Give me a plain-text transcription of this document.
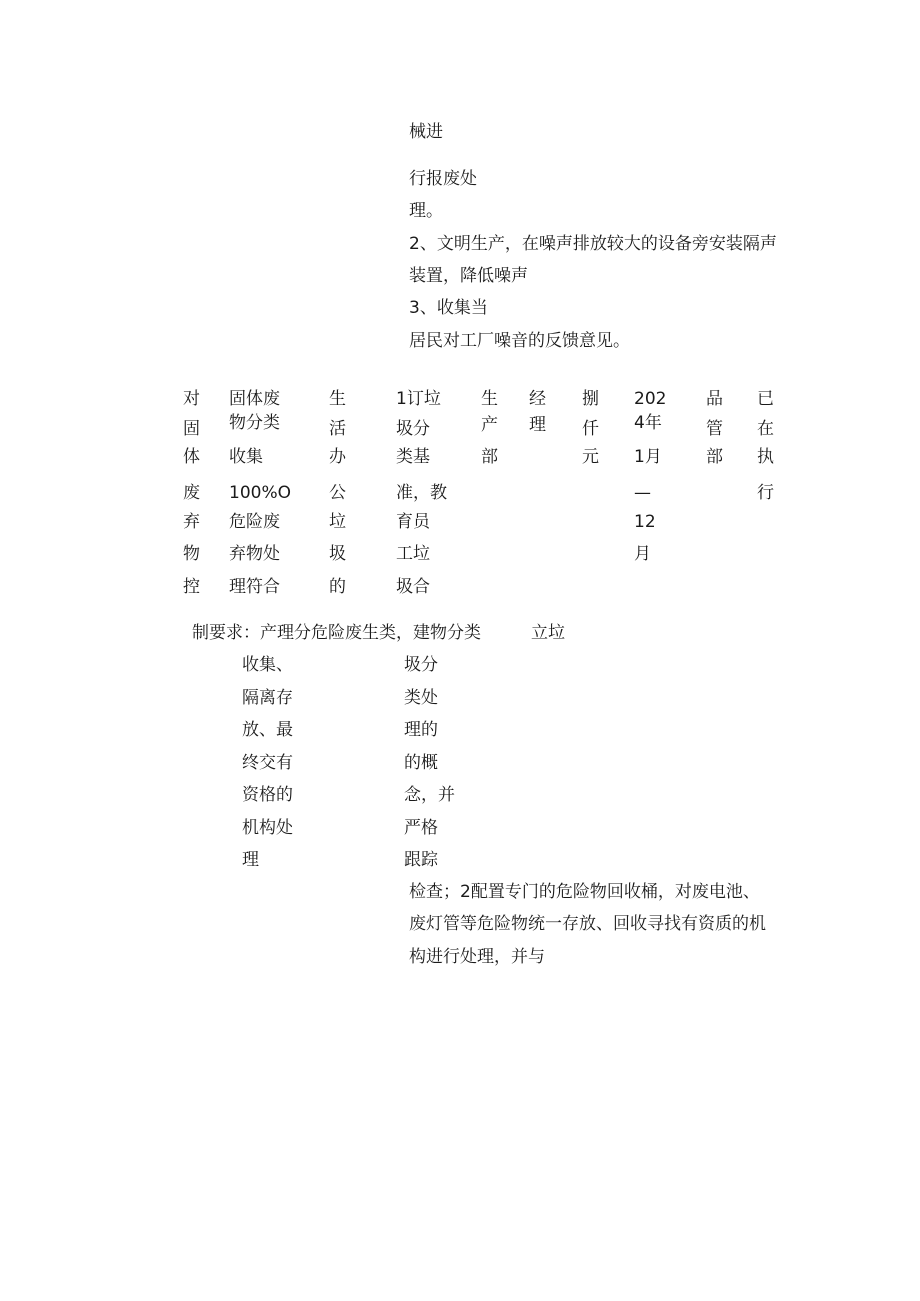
械进
行报废处
理。
2、文明生产，在噪声排放较大的设备旁安装隔声
装置，降低噪声
3、收集当
居民对工厂噪音的反馈意见。
对
固
体
废
弃
物
控
固体废
物分类
收集
100%O
危险废
弃物处
理符合
生
活
办
公
垃
圾
的
1订垃
圾分
类基
准，教
育员
工垃
圾合
生
产
部
经
理
捌
仟
元
202
4年
1月
—
12
月
品
管
部
已
在
执
行
制要求：产理分危险废生类，建物分类	立垃
收集、
隔离存
放、最
终交有
资格的
机构处
理
圾分
类处
理的
的概
念，并
严格
跟踪
检查；2配置专门的危险物回收桶，对废电池、
废灯管等危险物统一存放、回收寻找有资质的机
构进行处理，并与
